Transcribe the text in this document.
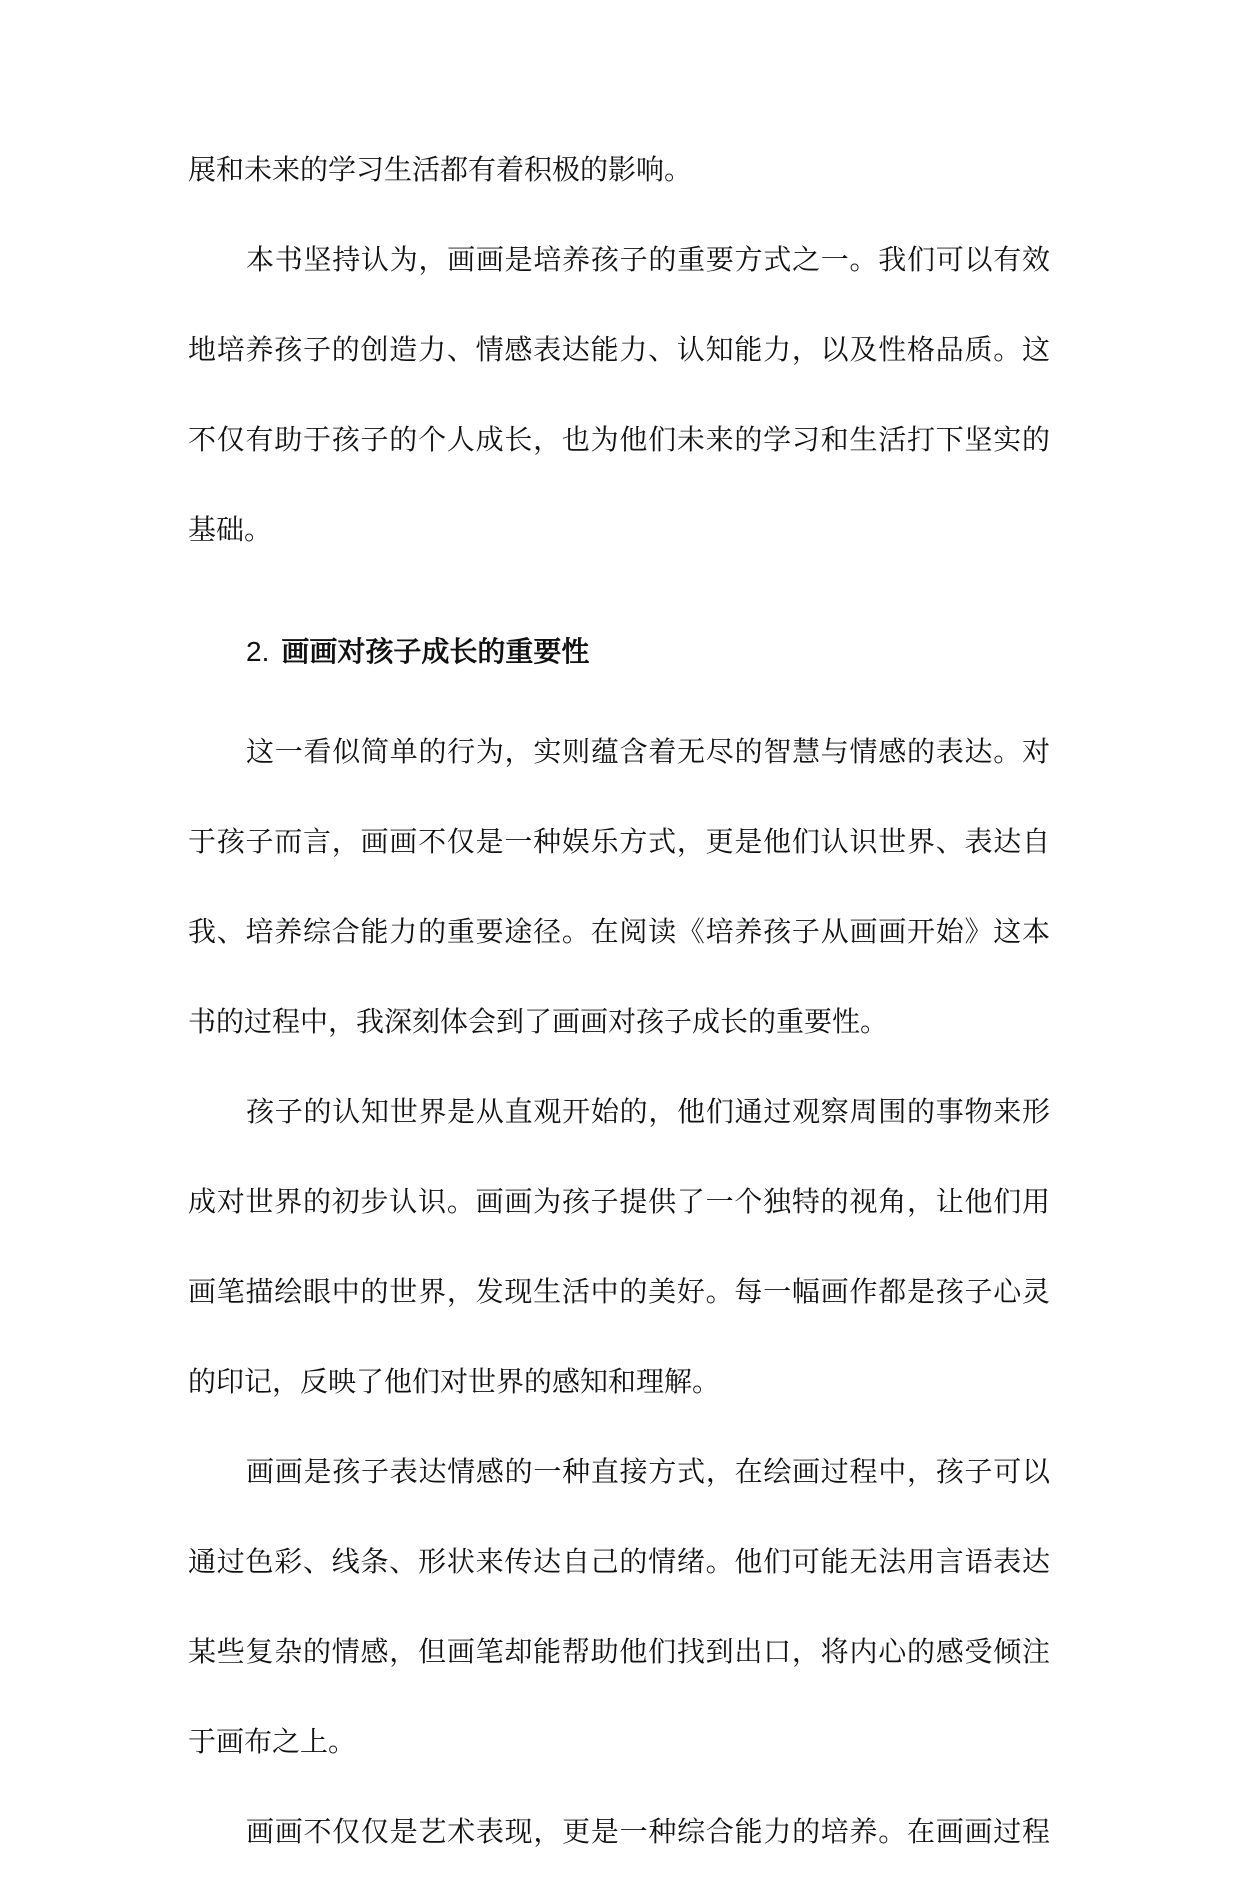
展和未来的学习生活都有着积极的影响。
本书坚持认为，画画是培养孩子的重要方式之一。我们可以有效
地培养孩子的创造力、情感表达能力、认知能力，以及性格品质。这
不仅有助于孩子的个人成长，也为他们未来的学习和生活打下坚实的
基础。
2. 画画对孩子成长的重要性
这一看似简单的行为，实则蕴含着无尽的智慧与情感的表达。对
于孩子而言，画画不仅是一种娱乐方式，更是他们认识世界、表达自
我、培养综合能力的重要途径。在阅读《培养孩子从画画开始》这本
书的过程中，我深刻体会到了画画对孩子成长的重要性。
孩子的认知世界是从直观开始的，他们通过观察周围的事物来形
成对世界的初步认识。画画为孩子提供了一个独特的视角，让他们用
画笔描绘眼中的世界，发现生活中的美好。每一幅画作都是孩子心灵
的印记，反映了他们对世界的感知和理解。
画画是孩子表达情感的一种直接方式，在绘画过程中，孩子可以
通过色彩、线条、形状来传达自己的情绪。他们可能无法用言语表达
某些复杂的情感，但画笔却能帮助他们找到出口，将内心的感受倾注
于画布之上。
画画不仅仅是艺术表现，更是一种综合能力的培养。在画画过程
